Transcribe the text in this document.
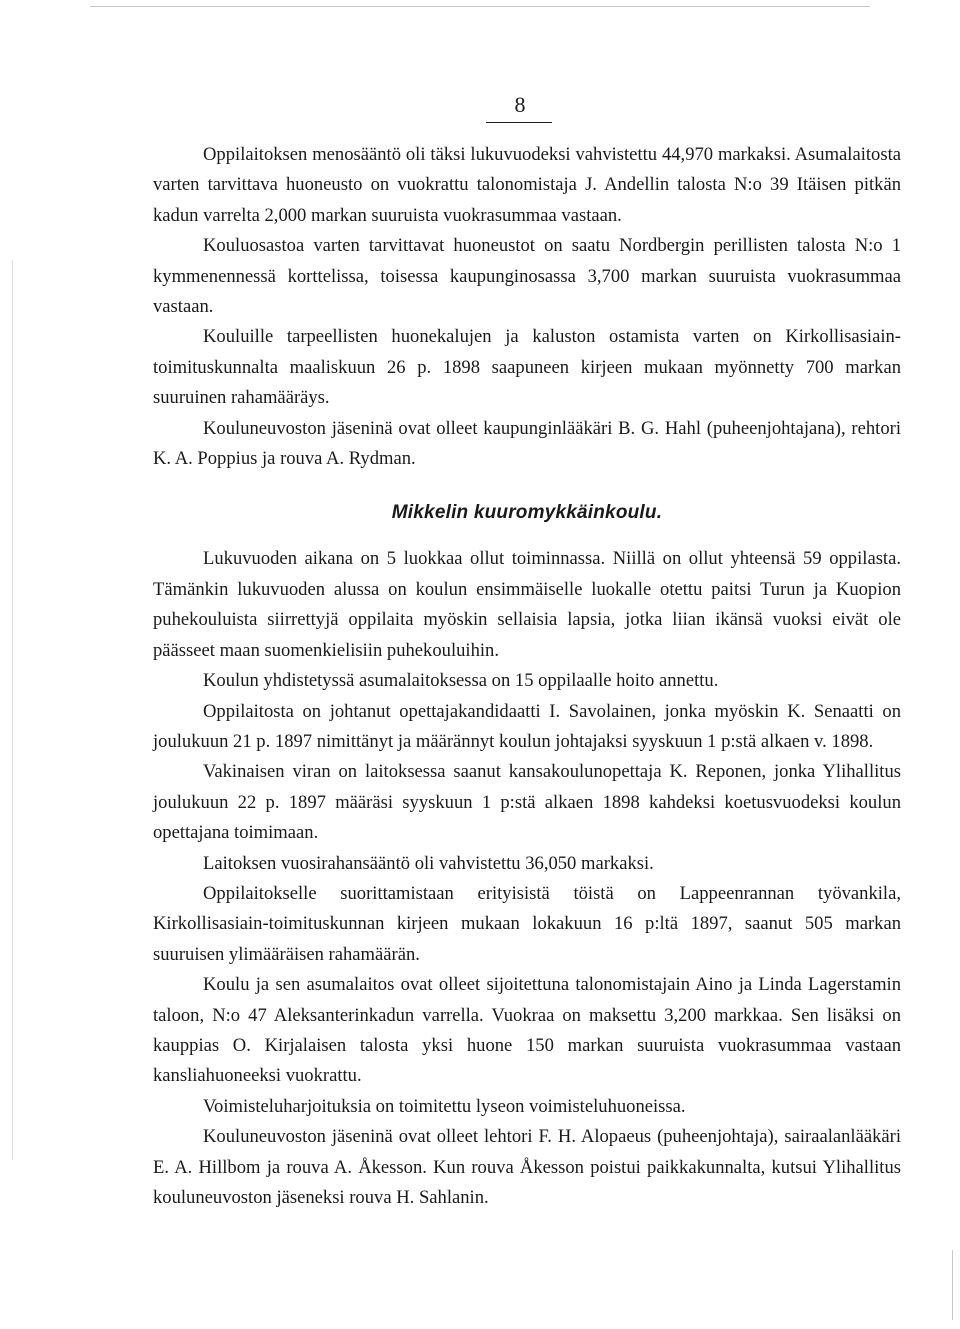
8

Oppilaitoksen menosääntö oli täksi lukuvuodeksi vahvistettu 44,970 markaksi. Asumalaitosta varten tarvittava huoneusto on vuokrattu talonomistaja J. Andellin talosta N:o 39 Itäisen pitkän kadun varrelta 2,000 markan suuruista vuokrasummaa vastaan.

Kouluosastoa varten tarvittavat huoneustot on saatu Nordbergin perillisten talosta N:o 1 kymmenennessä korttelissa, toisessa kaupunginosassa 3,700 markan suuruista vuokrasummaa vastaan.

Kouluille tarpeellisten huonekalujen ja kaluston ostamista varten on Kirkollisasiain-toimituskunnalta maaliskuun 26 p. 1898 saapuneen kirjeen mukaan myönnetty 700 markan suuruinen rahamääräys.

Kouluneuvoston jäseninä ovat olleet kaupunginlääkäri B. G. Hahl (puheenjohtajana), rehtori K. A. Poppius ja rouva A. Rydman.

Mikkelin kuuromykkäinkoulu.

Lukuvuoden aikana on 5 luokkaa ollut toiminnassa. Niillä on ollut yhteensä 59 oppilasta. Tämänkin lukuvuoden alussa on koulun ensimmäiselle luokalle otettu paitsi Turun ja Kuopion puhekouluista siirrettyjä oppilaita myöskin sellaisia lapsia, jotka liian ikänsä vuoksi eivät ole päässeet maan suomenkielisiin puhekouluihin.

Koulun yhdistetyssä asumalaitoksessa on 15 oppilaalle hoito annettu.

Oppilaitosta on johtanut opettajakandidaatti I. Savolainen, jonka myöskin K. Senaatti on joulukuun 21 p. 1897 nimittänyt ja määrännyt koulun johtajaksi syyskuun 1 p:stä alkaen v. 1898.

Vakinaisen viran on laitoksessa saanut kansakoulunopettaja K. Reponen, jonka Ylihallitus joulukuun 22 p. 1897 määräsi syyskuun 1 p:stä alkaen 1898 kahdeksi koetusvuodeksi koulun opettajana toimimaan.

Laitoksen vuosirahansääntö oli vahvistettu 36,050 markaksi.

Oppilaitokselle suorittamistaan erityisistä töistä on Lappeenrannan työvankila, Kirkollisasiain-toimituskunnan kirjeen mukaan lokakuun 16 p:ltä 1897, saanut 505 markan suuruisen ylimääräisen rahamäärän.

Koulu ja sen asumalaitos ovat olleet sijoitettuna talonomistajain Aino ja Linda Lagerstamin taloon, N:o 47 Aleksanterinkadun varrella. Vuokraa on maksettu 3,200 markkaa. Sen lisäksi on kauppias O. Kirjalaisen talosta yksi huone 150 markan suuruista vuokrasummaa vastaan kansliahuoneeksi vuokrattu.

Voimisteluharjoituksia on toimitettu lyseon voimisteluhuoneissa.

Kouluneuvoston jäseninä ovat olleet lehtori F. H. Alopaeus (puheenjohtaja), sairaalanlääkäri E. A. Hillbom ja rouva A. Åkesson. Kun rouva Åkesson poistui paikkakunnalta, kutsui Ylihallitus kouluneuvoston jäseneksi rouva H. Sahlanin.
